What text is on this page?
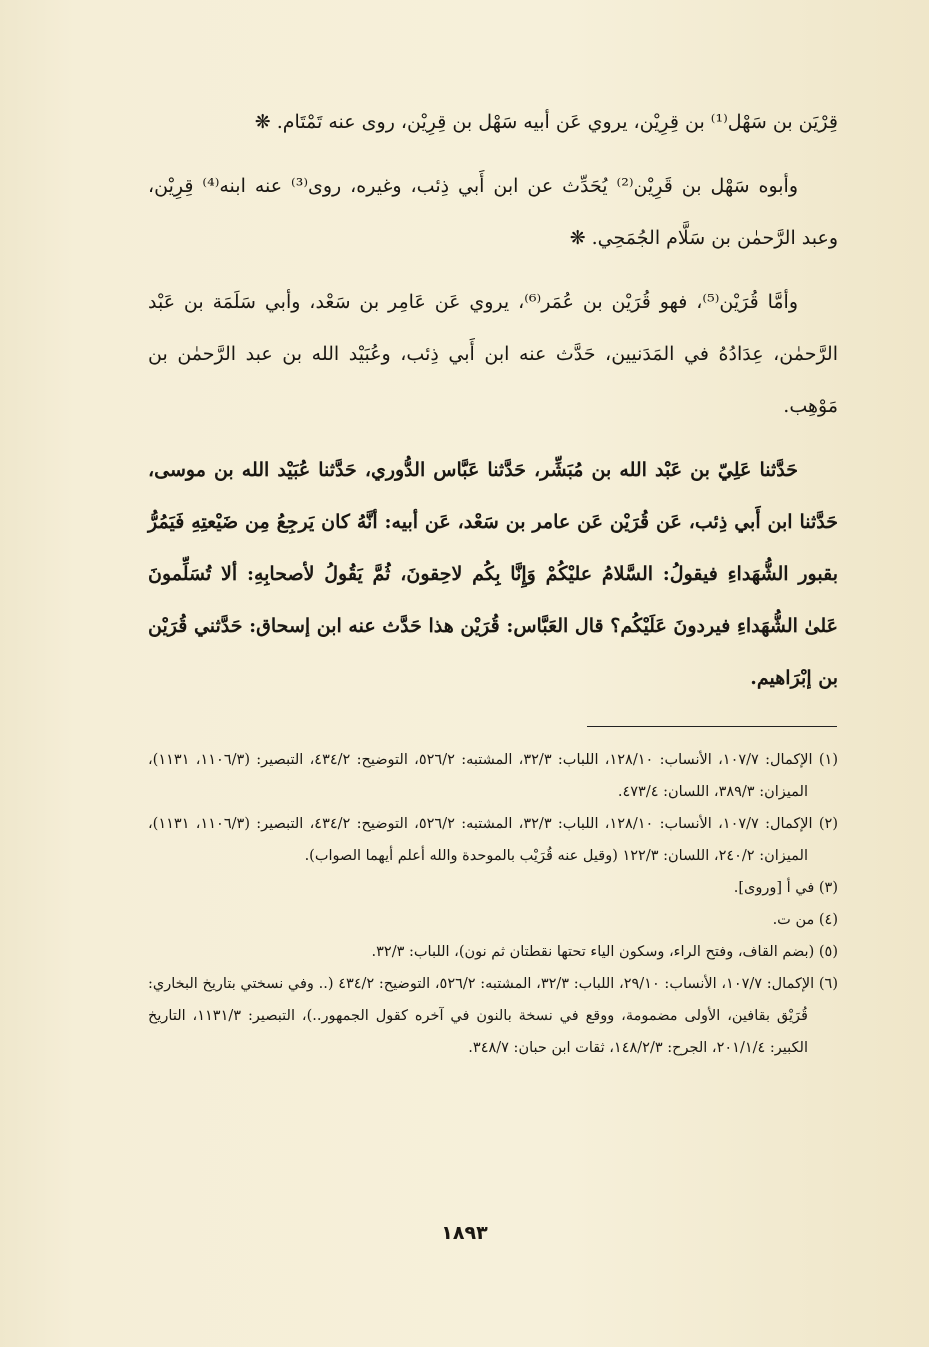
قِرْيَن بن سَهْل⁽¹⁾ بن قِرِيْن، يروي عَن أبيه سَهْل بن قِرِيْن، روى عنه تَمْتَام. ❋

وأبوه سَهْل بن قَرِيْن⁽²⁾ يُحَدِّث عن ابن أَبي ذِئب، وغيره، روى⁽³⁾ عنه ابنه⁽⁴⁾ قِرِيْن، وعبد الرَّحمٰن بن سَلَّام الجُمَحِي. ❋

وأمَّا قُرَيْن⁽⁵⁾، فهو قُرَيْن بن عُمَر⁽⁶⁾، يروي عَن عَامِر بن سَعْد، وأبي سَلَمَة بن عَبْد الرَّحمٰن، عِدَادُهُ في المَدَنيين، حَدَّث عنه ابن أَبي ذِئب، وعُبَيْد الله بن عبد الرَّحمٰن بن مَوْهِب.

حَدَّثنا عَلِيّ بن عَبْد الله بن مُبَشِّر، حَدَّثنا عَبَّاس الدُّوري، حَدَّثنا عُبَيْد الله بن موسى، حَدَّثنا ابن أَبي ذِئب، عَن قُرَيْن عَن عامر بن سَعْد، عَن أبيه: أنَّهُ كان يَرجِعُ مِن ضَيْعتِهِ فَيَمُرُّ بقبور الشُّهَداءِ فيقولُ: السَّلامُ عليْكُمْ وَإِنَّا بِكُم لاحِقونَ، ثُمَّ يَقُولُ لأصحابِهِ: ألا تُسَلِّمونَ عَلىٰ الشُّهَداءِ فيردونَ عَلَيْكُم؟ قال العَبَّاس: قُرَيْن هذا حَدَّث عنه ابن إسحاق: حَدَّثني قُرَيْن بن إبْرَاهيم.

(١) الإكمال: ١٠٧/٧، الأنساب: ١٢٨/١٠، اللباب: ٣٢/٣، المشتبه: ٥٢٦/٢، التوضيح: ٤٣٤/٢، التبصير: (١١٠٦/٣، ١١٣١)، الميزان: ٣٨٩/٣، اللسان: ٤٧٣/٤.

(٢) الإكمال: ١٠٧/٧، الأنساب: ١٢٨/١٠، اللباب: ٣٢/٣، المشتبه: ٥٢٦/٢، التوضيح: ٤٣٤/٢، التبصير: (١١٠٦/٣، ١١٣١)، الميزان: ٢٤٠/٢، اللسان: ١٢٢/٣ (وقيل عنه قُرَيْب بالموحدة والله أعلم أيهما الصواب).

(٣) في أ [وروى].

(٤) من ت.

(٥) (بضم القاف، وفتح الراء، وسكون الياء تحتها نقطتان ثم نون)، اللباب: ٣٢/٣.

(٦) الإكمال: ١٠٧/٧، الأنساب: ٢٩/١٠، اللباب: ٣٢/٣، المشتبه: ٥٢٦/٢، التوضيح: ٤٣٤/٢ (.. وفي نسختي بتاريخ البخاري: قُرَيْق بقافين، الأولى مضمومة، ووقع في نسخة بالنون في آخره كقول الجمهور..)، التبصير: ١١٣١/٣، التاريخ الكبير: ٢٠١/١/٤، الجرح: ١٤٨/٢/٣، ثقات ابن حبان: ٣٤٨/٧.

١٨٩٣
